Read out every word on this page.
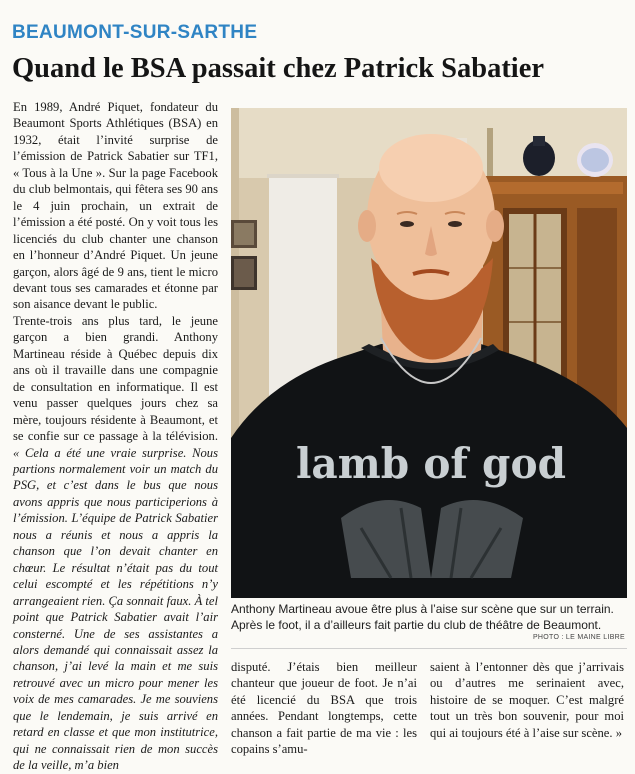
BEAUMONT-SUR-SARTHE
Quand le BSA passait chez Patrick Sabatier

En 1989, André Piquet, fondateur du Beaumont Sports Athlétiques (BSA) en 1932, était l’invité surprise de l’émission de Patrick Sabatier sur TF1, « Tous à la Une ». Sur la page Facebook du club belmontais, qui fêtera ses 90 ans le 4 juin prochain, un extrait de l’émission a été posté. On y voit tous les licenciés du club chanter une chanson en l’honneur d’André Piquet. Un jeune garçon, alors âgé de 9 ans, tient le micro devant tous ses camarades et étonne par son aisance devant le public.

Trente-trois ans plus tard, le jeune garçon a bien grandi. Anthony Martineau réside à Québec depuis dix ans où il travaille dans une compagnie de consultation en informatique. Il est venu passer quelques jours chez sa mère, toujours résidente à Beaumont, et se confie sur ce passage à la télévision. « Cela a été une vraie surprise. Nous partions normalement voir un match du PSG, et c’est dans le bus que nous avons appris que nous participerions à l’émission. L’équipe de Patrick Sabatier nous a réunis et nous a appris la chanson que l’on devait chanter en chœur. Le résultat n’était pas du tout celui escompté et les répétitions n’y arrangeaient rien. Ça sonnait faux. À tel point que Patrick Sabatier avait l’air consterné. Une de ses assistantes a alors demandé qui connaissait assez la chanson, j’ai levé la main et me suis retrouvé avec un micro pour mener les voix de mes camarades. Je me souviens que le lendemain, je suis arrivé en retard en classe et que mon institutrice, qui ne connaissait rien de mon succès de la veille, m’a bien

lamb of god
Anthony Martineau avoue être plus à l’aise sur scène que sur un terrain.
Après le foot, il a d’ailleurs fait partie du club de théâtre de Beaumont.
PHOTO : LE MAINE LIBRE
disputé. J’étais bien meilleur chanteur que joueur de foot. Je n’ai été licencié du BSA que trois années. Pendant longtemps, cette chanson a fait partie de ma vie : les copains s’amu-
saient à l’entonner dès que j’arrivais ou d’autres me serinaient avec, histoire de se moquer. C’est malgré tout un très bon souvenir, pour moi qui ai toujours été à l’aise sur scène. »
